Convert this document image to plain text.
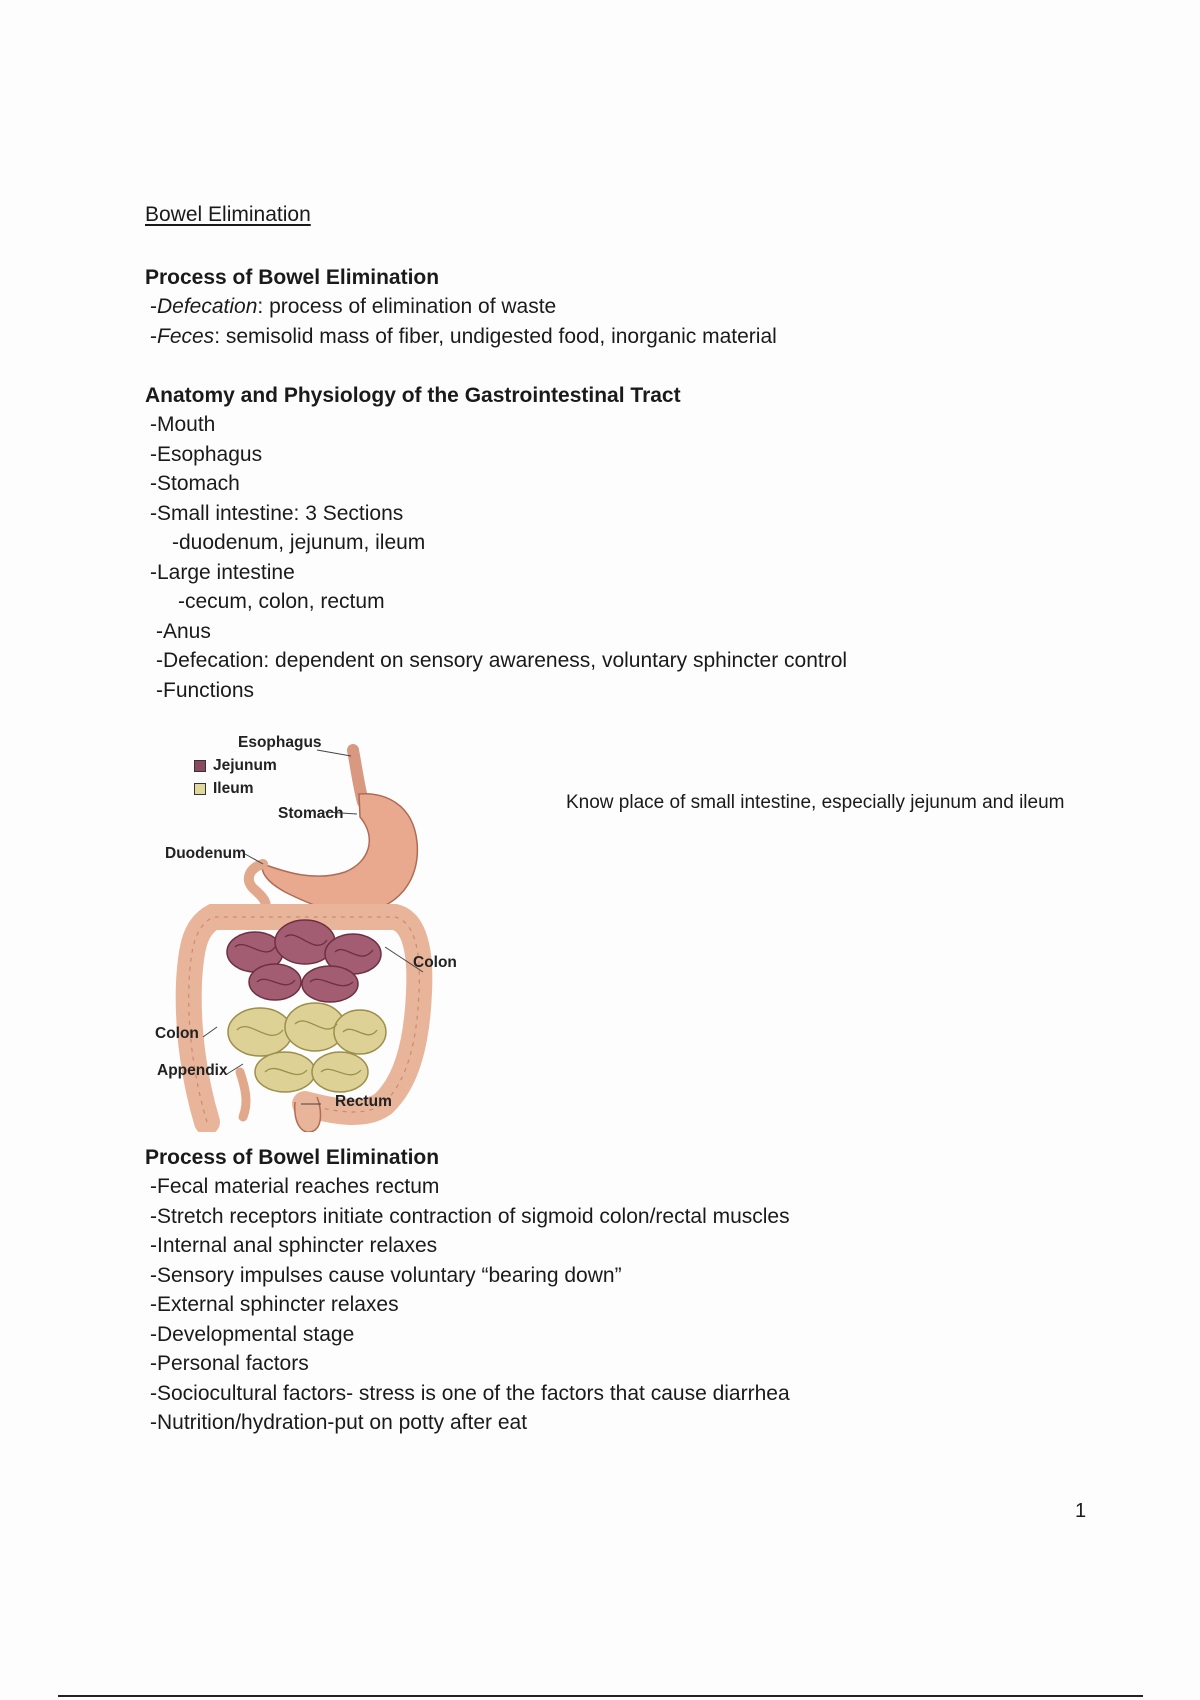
Bowel Elimination
Process of Bowel Elimination
-Defecation: process of elimination of waste
-Feces: semisolid mass of fiber, undigested food, inorganic material
Anatomy and Physiology of the Gastrointestinal Tract
-Mouth
-Esophagus
-Stomach
-Small intestine: 3 Sections
-duodenum, jejunum, ileum
-Large intestine
-cecum, colon, rectum
-Anus
-Defecation: dependent on sensory awareness, voluntary sphincter control
-Functions
Esophagus
Jejunum
Ileum
Stomach
Duodenum
Colon
Colon
Appendix
Rectum
Know place of small intestine, especially jejunum and ileum
Process of Bowel Elimination
-Fecal material reaches rectum
-Stretch receptors initiate contraction of sigmoid colon/rectal muscles
-Internal anal sphincter relaxes
-Sensory impulses cause voluntary “bearing down”
-External sphincter relaxes
-Developmental stage
-Personal factors
-Sociocultural factors- stress is one of the factors that cause diarrhea
-Nutrition/hydration-put on potty after eat
1
